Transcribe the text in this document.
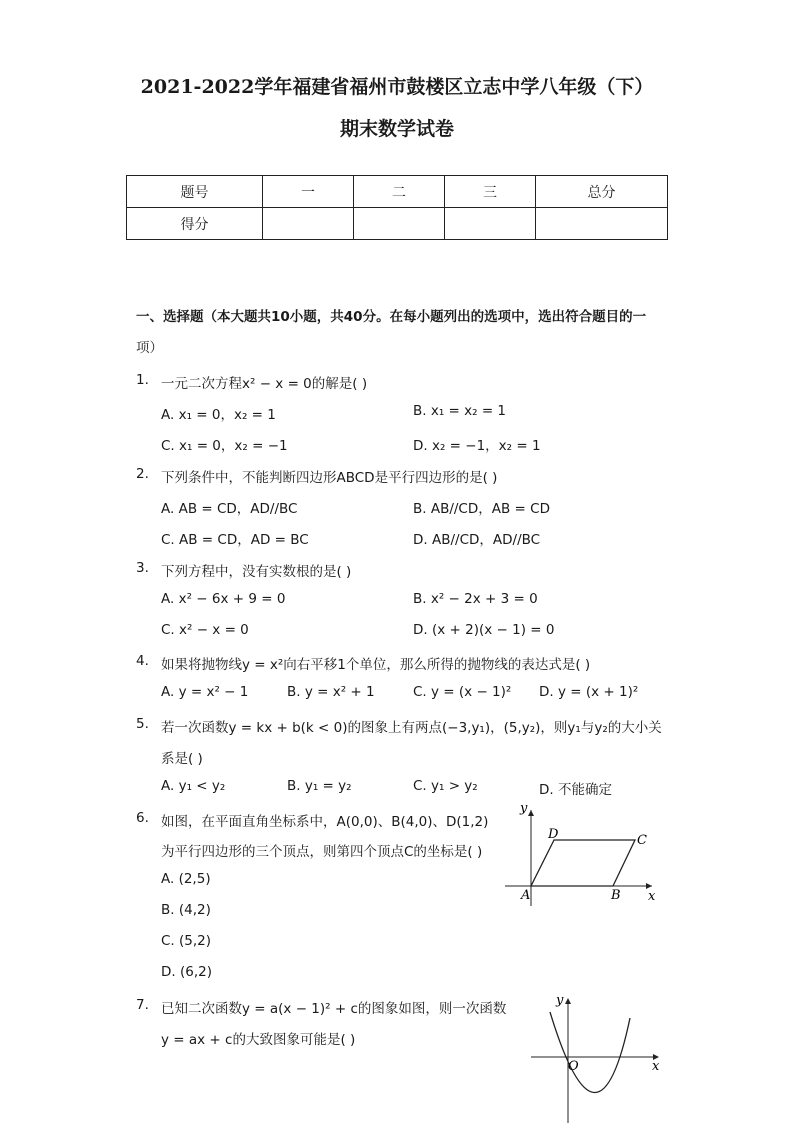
2021-2022学年福建省福州市鼓楼区立志中学八年级（下）
期末数学试卷
题号	一	二	三	总分
得分				
一、选择题（本大题共10小题，共40分。在每小题列出的选项中，选出符合题目的一
项）
1. 一元二次方程x² − x = 0的解是( )
A. x₁ = 0，x₂ = 1	B. x₁ = x₂ = 1
C. x₁ = 0，x₂ = −1	D. x₂ = −1，x₂ = 1
2. 下列条件中，不能判断四边形ABCD是平行四边形的是( )
A. AB = CD，AD//BC	B. AB//CD，AB = CD
C. AB = CD，AD = BC	D. AB//CD，AD//BC
3. 下列方程中，没有实数根的是( )
A. x² − 6x + 9 = 0	B. x² − 2x + 3 = 0
C. x² − x = 0	D. (x + 2)(x − 1) = 0
4. 如果将抛物线y = x²向右平移1个单位，那么所得的抛物线的表达式是( )
A. y = x² − 1	B. y = x² + 1	C. y = (x − 1)² D. y = (x + 1)²
5. 若一次函数y = kx + b(k < 0)的图象上有两点(−3,y₁)，(5,y₂)，则y₁与y₂的大小关
系是( )
A. y₁ < y₂	B. y₁ = y₂	C. y₁ > y₂	D. 不能确定
6. 如图，在平面直角坐标系中，A(0,0)、B(4,0)、D(1,2)
为平行四边形的三个顶点，则第四个顶点C的坐标是( )
A. (2,5)
B. (4,2)
C. (5,2)
D. (6,2)
y
x
A	B
C
D
7. 已知二次函数y = a(x − 1)² + c的图象如图，则一次函数
y = ax + c的大致图象可能是( )
y
x
O
